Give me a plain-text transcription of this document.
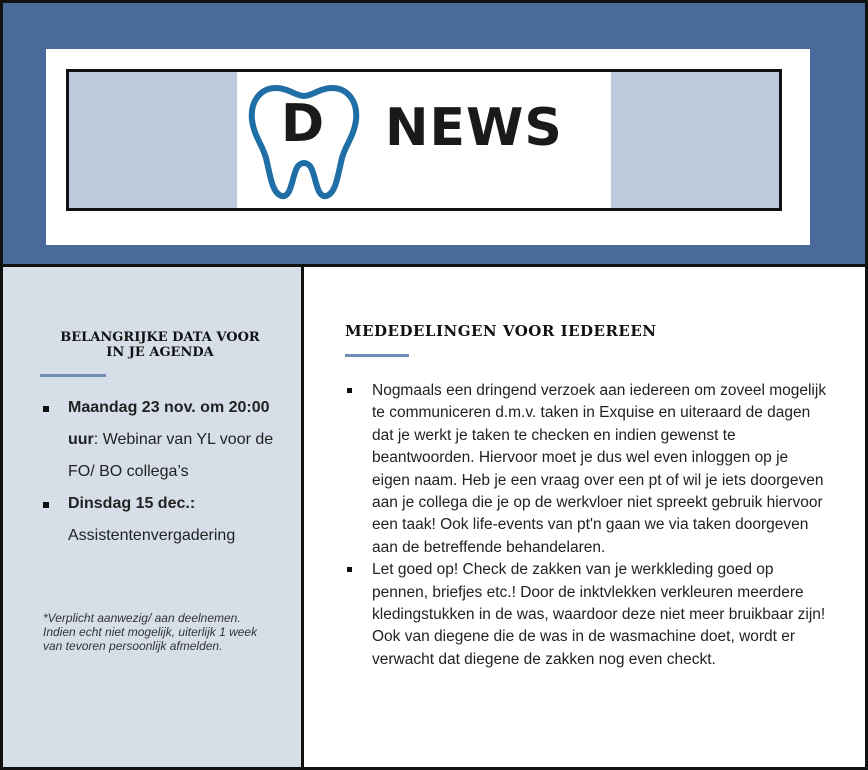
D NEWS
BELANGRIJKE DATA VOOR IN JE AGENDA
Maandag 23 nov. om 20:00 uur: Webinar van YL voor de FO/ BO collega’s
Dinsdag 15 dec.:
Assistentenvergadering
*Verplicht aanwezig/ aan deelnemen. Indien echt niet mogelijk, uiterlijk 1 week van tevoren persoonlijk afmelden.
MEDEDELINGEN VOOR IEDEREEN
Nogmaals een dringend verzoek aan iedereen om zoveel mogelijk te communiceren d.m.v. taken in Exquise en uiteraard de dagen dat je werkt je taken te checken en indien gewenst te beantwoorden. Hiervoor moet je dus wel even inloggen op je eigen naam. Heb je een vraag over een pt of wil je iets doorgeven aan je collega die je op de werkvloer niet spreekt gebruik hiervoor een taak! Ook life-events van pt'n gaan we via taken doorgeven aan de betreffende behandelaren.
Let goed op! Check de zakken van je werkkleding goed op pennen, briefjes etc.! Door de inktvlekken verkleuren meerdere kledingstukken in de was, waardoor deze niet meer bruikbaar zijn! Ook van diegene die de was in de wasmachine doet, wordt er verwacht dat diegene de zakken nog even checkt.
